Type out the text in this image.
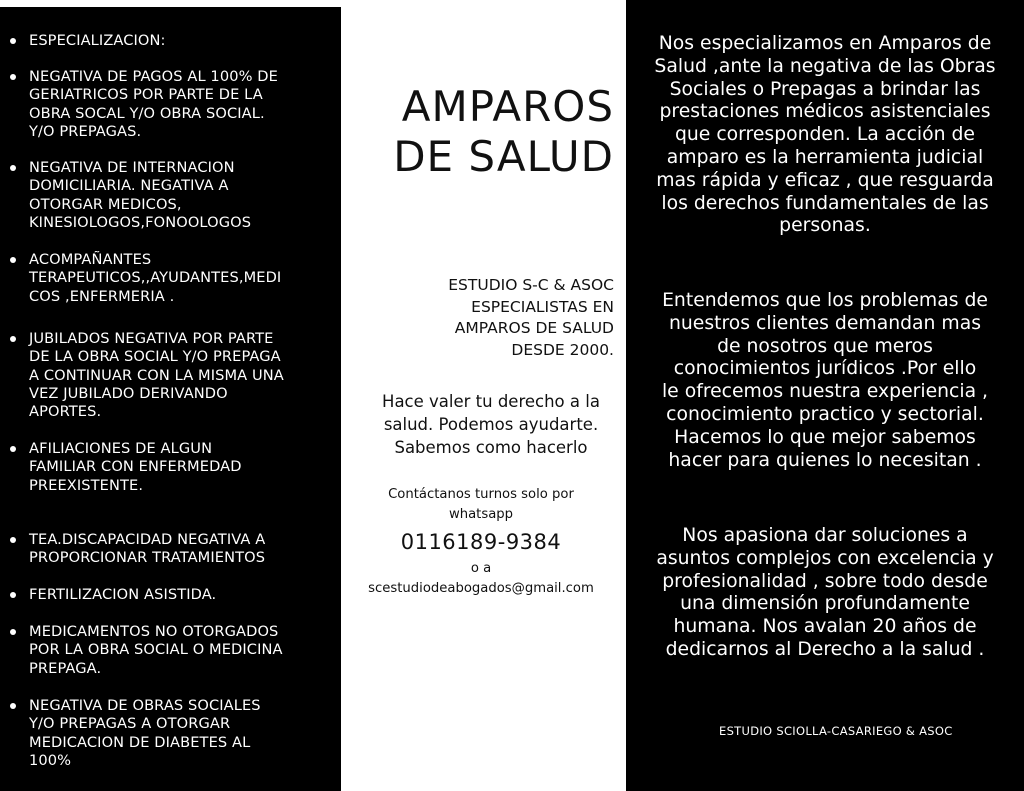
ESPECIALIZACION:
NEGATIVA DE PAGOS AL 100% DE
GERIATRICOS POR PARTE DE LA
OBRA SOCAL Y/O OBRA SOCIAL.
Y/O PREPAGAS.
NEGATIVA DE INTERNACION
DOMICILIARIA. NEGATIVA A
OTORGAR MEDICOS,
KINESIOLOGOS,FONOOLOGOS
ACOMPAÑANTES
TERAPEUTICOS,,AYUDANTES,MEDI
COS ,ENFERMERIA .
JUBILADOS NEGATIVA POR PARTE
DE LA OBRA SOCIAL Y/O PREPAGA
A CONTINUAR CON LA MISMA UNA
VEZ JUBILADO DERIVANDO
APORTES.
AFILIACIONES DE ALGUN
FAMILIAR CON ENFERMEDAD
PREEXISTENTE.
TEA.DISCAPACIDAD NEGATIVA A
PROPORCIONAR TRATAMIENTOS
FERTILIZACION ASISTIDA.
MEDICAMENTOS NO OTORGADOS
POR LA OBRA SOCIAL O MEDICINA
PREPAGA.
NEGATIVA DE OBRAS SOCIALES
Y/O PREPAGAS A OTORGAR
MEDICACION DE DIABETES AL
100%
AMPAROS
DE SALUD
ESTUDIO S-C & ASOC
ESPECIALISTAS EN
AMPAROS DE SALUD
DESDE 2000.
Hace valer tu derecho a la
salud. Podemos ayudarte.
Sabemos como hacerlo
Contáctanos turnos solo por
whatsapp
0116189-9384
o a
scestudiodeabogados@gmail.com
Nos especializamos en Amparos de
Salud ,ante la negativa de las Obras
Sociales o Prepagas a brindar las
prestaciones médicos asistenciales
que corresponden. La acción de
amparo es la herramienta judicial
mas rápida y eficaz , que resguarda
los derechos fundamentales de las
personas.
Entendemos que los problemas de
nuestros clientes demandan mas
de nosotros que meros
conocimientos jurídicos .Por ello
le ofrecemos nuestra experiencia ,
conocimiento practico y sectorial.
Hacemos lo que mejor sabemos
hacer para quienes lo necesitan .
Nos apasiona dar soluciones a
asuntos complejos con excelencia y
profesionalidad , sobre todo desde
una dimensión profundamente
humana. Nos avalan 20 años de
dedicarnos al Derecho a la salud .
ESTUDIO SCIOLLA-CASARIEGO & ASOC
